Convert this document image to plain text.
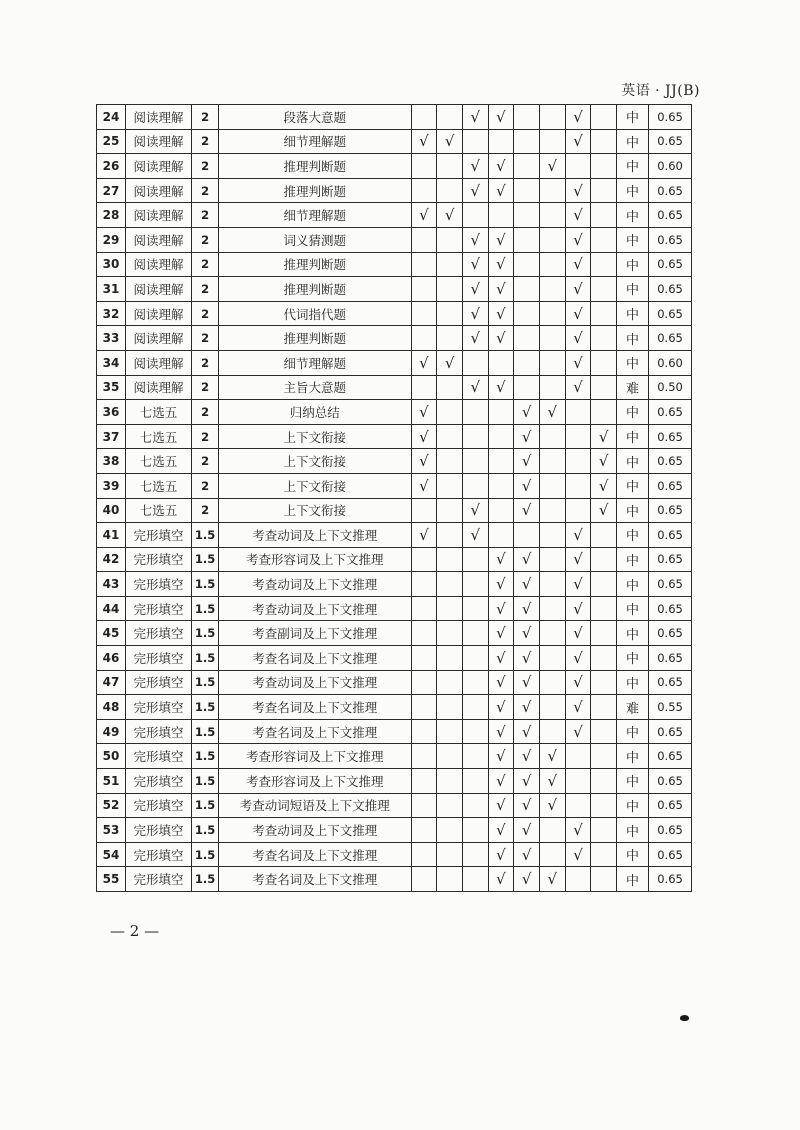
英语 · JJ(B)
24	阅读理解	2	段落大意题			√	√			√		中	0.65
25	阅读理解	2	细节理解题	√	√					√		中	0.65
26	阅读理解	2	推理判断题			√	√		√			中	0.60
27	阅读理解	2	推理判断题			√	√			√		中	0.65
28	阅读理解	2	细节理解题	√	√					√		中	0.65
29	阅读理解	2	词义猜测题			√	√			√		中	0.65
30	阅读理解	2	推理判断题			√	√			√		中	0.65
31	阅读理解	2	推理判断题			√	√			√		中	0.65
32	阅读理解	2	代词指代题			√	√			√		中	0.65
33	阅读理解	2	推理判断题			√	√			√		中	0.65
34	阅读理解	2	细节理解题	√	√					√		中	0.60
35	阅读理解	2	主旨大意题			√	√			√		难	0.50
36	七选五	2	归纳总结	√				√	√			中	0.65
37	七选五	2	上下文衔接	√				√			√	中	0.65
38	七选五	2	上下文衔接	√				√			√	中	0.65
39	七选五	2	上下文衔接	√				√			√	中	0.65
40	七选五	2	上下文衔接			√		√			√	中	0.65
41	完形填空	1.5	考查动词及上下文推理	√		√				√		中	0.65
42	完形填空	1.5	考查形容词及上下文推理				√	√		√		中	0.65
43	完形填空	1.5	考查动词及上下文推理				√	√		√		中	0.65
44	完形填空	1.5	考查动词及上下文推理				√	√		√		中	0.65
45	完形填空	1.5	考查副词及上下文推理				√	√		√		中	0.65
46	完形填空	1.5	考查名词及上下文推理				√	√		√		中	0.65
47	完形填空	1.5	考查动词及上下文推理				√	√		√		中	0.65
48	完形填空	1.5	考查名词及上下文推理				√	√		√		难	0.55
49	完形填空	1.5	考查名词及上下文推理				√	√		√		中	0.65
50	完形填空	1.5	考查形容词及上下文推理				√	√	√			中	0.65
51	完形填空	1.5	考查形容词及上下文推理				√	√	√			中	0.65
52	完形填空	1.5	考查动词短语及上下文推理				√	√	√			中	0.65
53	完形填空	1.5	考查动词及上下文推理				√	√		√		中	0.65
54	完形填空	1.5	考查名词及上下文推理				√	√		√		中	0.65
55	完形填空	1.5	考查名词及上下文推理				√	√	√			中	0.65
— 2 —
